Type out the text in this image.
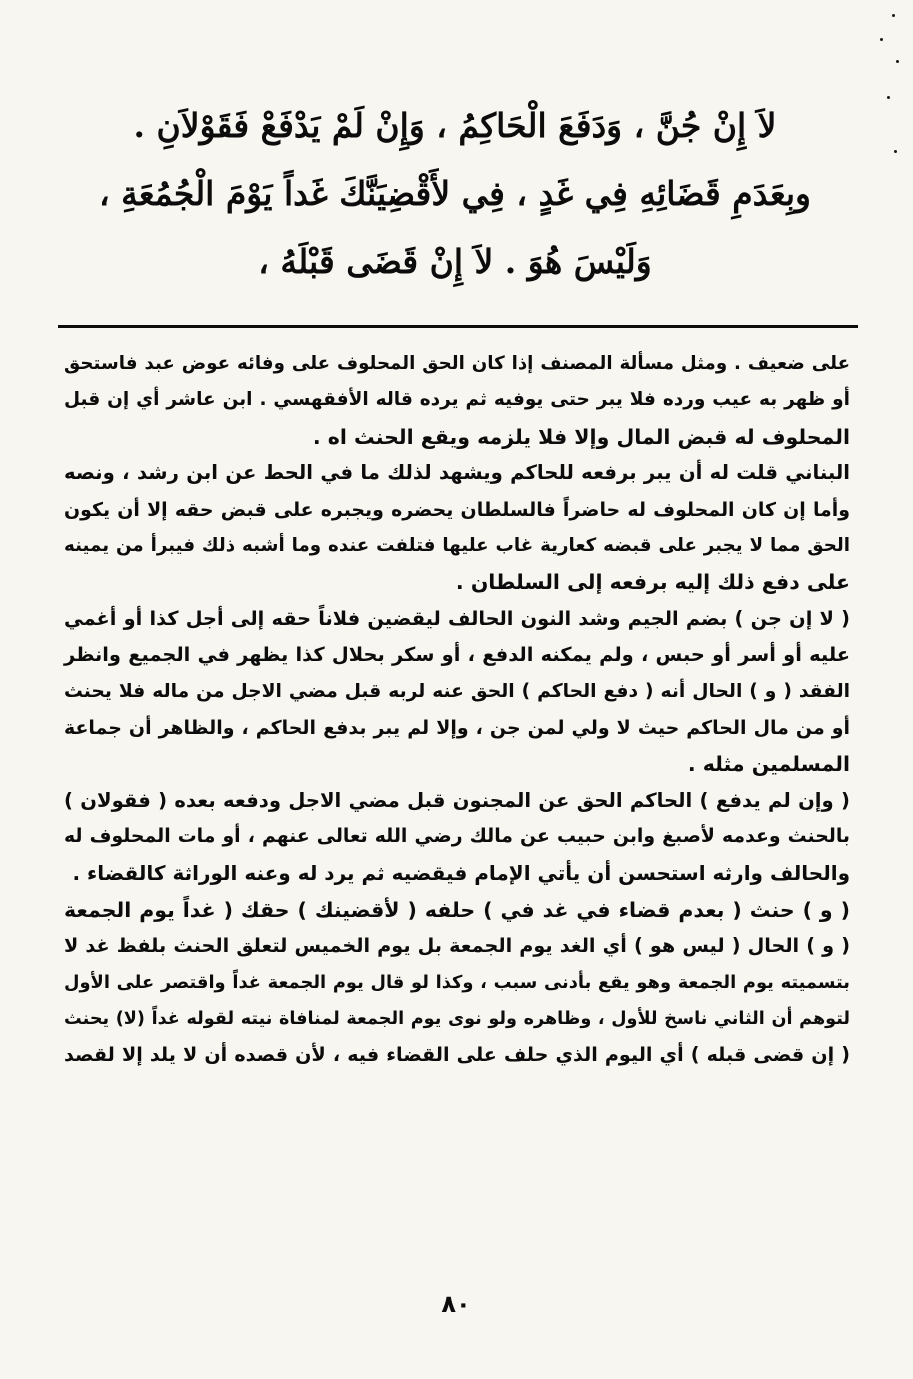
لاَ إِنْ جُنَّ ، وَدَفَعَ الْحَاكِمُ ، وَإِنْ لَمْ يَدْفَعْ فَقَوْلاَنِ .
وبِعَدَمِ قَضَائِهِ فِي غَدٍ ، فِي لأَقْضِيَنَّكَ غَداً يَوْمَ الْجُمُعَةِ ،
وَلَيْسَ هُوَ . لاَ إِنْ قَضَى قَبْلَهُ ،

على ضعيف . ومثل مسألة المصنف إذا كان الحق المحلوف على وفائه عوض عبد فاستحق
أو ظهر به عيب ورده فلا يبر حتى يوفيه ثم يرده قاله الأفقهسي . ابن عاشر أي إن قبل
المحلوف له قبض المال وإلا فلا يلزمه ويقع الحنث اه .

البناني قلت له أن يبر برفعه للحاكم ويشهد لذلك ما في الحط عن ابن رشد ، ونصه
وأما إن كان المحلوف له حاضراً فالسلطان يحضره ويجبره على قبض حقه إلا أن يكون
الحق مما لا يجبر على قبضه كعارية غاب عليها فتلفت عنده وما أشبه ذلك فيبرأ من يمينه
على دفع ذلك إليه برفعه إلى السلطان .

( لا إن جن ) بضم الجيم وشد النون الحالف ليقضين فلاناً حقه إلى أجل كذا أو أغمي
عليه أو أسر أو حبس ، ولم يمكنه الدفع ، أو سكر بحلال كذا يظهر في الجميع وانظر
الفقد ( و ) الحال أنه ( دفع الحاكم ) الحق عنه لربه قبل مضي الاجل من ماله فلا يحنث
أو من مال الحاكم حيث لا ولي لمن جن ، وإلا لم يبر بدفع الحاكم ، والظاهر أن جماعة
المسلمين مثله .

( وإن لم يدفع ) الحاكم الحق عن المجنون قبل مضي الاجل ودفعه بعده ( فقولان )
بالحنث وعدمه لأصبغ وابن حبيب عن مالك رضي الله تعالى عنهم ، أو مات المحلوف له
والحالف وارثه استحسن أن يأتي الإمام فيقضيه ثم يرد له وعنه الوراثة كالقضاء .

( و ) حنث ( بعدم قضاء في غد في ) حلفه ( لأقضينك ) حقك ( غداً يوم الجمعة
( و ) الحال ( ليس هو ) أي الغد يوم الجمعة بل يوم الخميس لتعلق الحنث بلفظ غد لا
بتسميته يوم الجمعة وهو يقع بأدنى سبب ، وكذا لو قال يوم الجمعة غداً واقتصر على الأول
لتوهم أن الثاني ناسخ للأول ، وظاهره ولو نوى يوم الجمعة لمنافاة نيته لقوله غداً (لا) يحنث
( إن قضى قبله ) أي اليوم الذي حلف على القضاء فيه ، لأن قصده أن لا يلد إلا لقصد

٨٠
